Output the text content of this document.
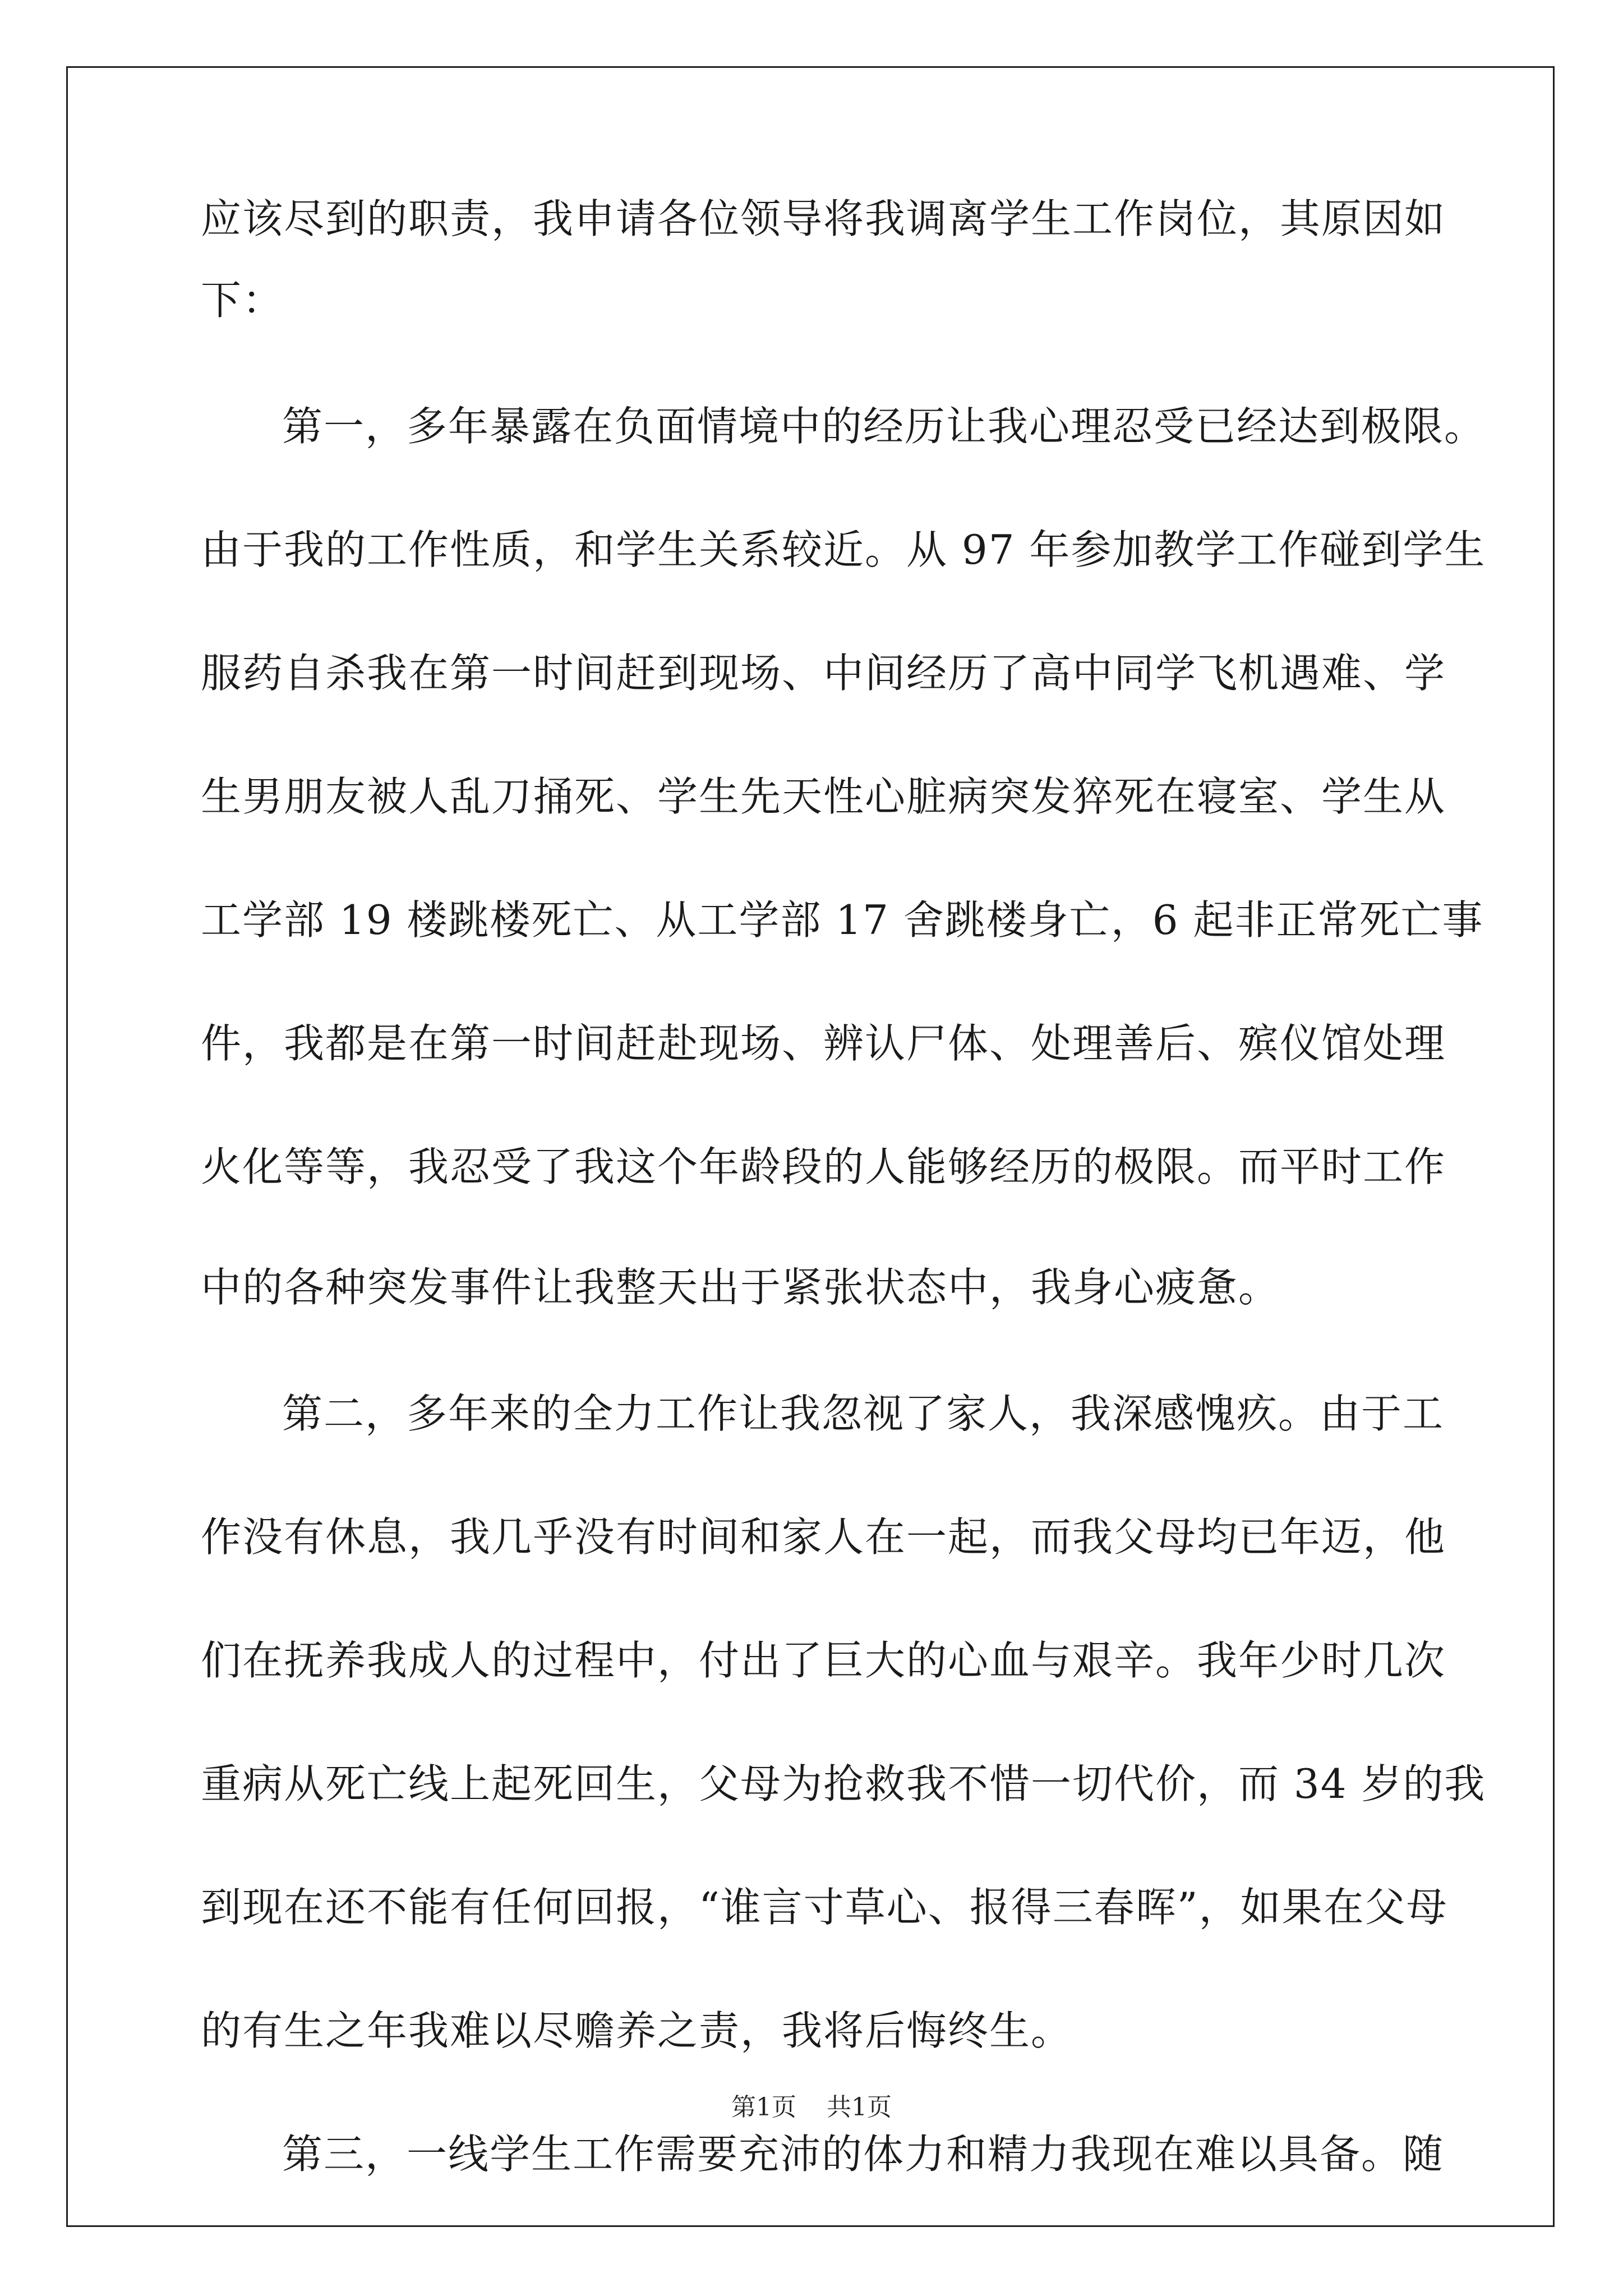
应该尽到的职责，我申请各位领导将我调离学生工作岗位，其原因如
下：
第一，多年暴露在负面情境中的经历让我心理忍受已经达到极限。
由于我的工作性质，和学生关系较近。从 97 年参加教学工作碰到学生
服药自杀我在第一时间赶到现场、中间经历了高中同学飞机遇难、学
生男朋友被人乱刀捅死、学生先天性心脏病突发猝死在寝室、学生从
工学部 19 楼跳楼死亡、从工学部 17 舍跳楼身亡，6 起非正常死亡事
件，我都是在第一时间赶赴现场、辨认尸体、处理善后、殡仪馆处理
火化等等，我忍受了我这个年龄段的人能够经历的极限。而平时工作
中的各种突发事件让我整天出于紧张状态中，我身心疲惫。
第二，多年来的全力工作让我忽视了家人，我深感愧疚。由于工
作没有休息，我几乎没有时间和家人在一起，而我父母均已年迈，他
们在抚养我成人的过程中，付出了巨大的心血与艰辛。我年少时几次
重病从死亡线上起死回生，父母为抢救我不惜一切代价，而 34 岁的我
到现在还不能有任何回报，“谁言寸草心、报得三春晖”，如果在父母
的有生之年我难以尽赡养之责，我将后悔终生。
第三，一线学生工作需要充沛的体力和精力我现在难以具备。随
第1页 共1页
